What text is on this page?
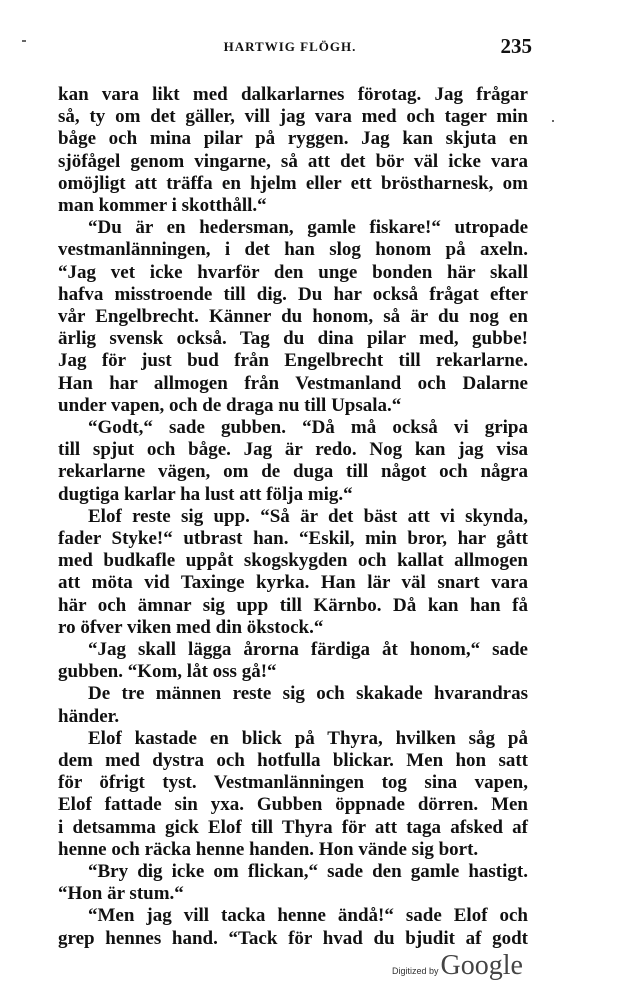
HARTWIG FLÖGH.	235
kan vara likt med dalkarlarnes förotag. Jag frågar
så, ty om det gäller, vill jag vara med och tager min
båge och mina pilar på ryggen. Jag kan skjuta en
sjöfågel genom vingarne, så att det bör väl icke vara
omöjligt att träffa en hjelm eller ett bröstharnesk, om
man kommer i skotthåll.“
“Du är en hedersman, gamle fiskare!“ utropade
vestmanlänningen, i det han slog honom på axeln.
“Jag vet icke hvarför den unge bonden här skall
hafva misstroende till dig. Du har också frågat efter
vår Engelbrecht. Känner du honom, så är du nog en
ärlig svensk också. Tag du dina pilar med, gubbe!
Jag för just bud från Engelbrecht till rekarlarne.
Han har allmogen från Vestmanland och Dalarne
under vapen, och de draga nu till Upsala.“
“Godt,“ sade gubben. “Då må också vi gripa
till spjut och båge. Jag är redo. Nog kan jag visa
rekarlarne vägen, om de duga till något och några
dugtiga karlar ha lust att följa mig.“
Elof reste sig upp. “Så är det bäst att vi skynda,
fader Styke!“ utbrast han. “Eskil, min bror, har gått
med budkafle uppåt skogskygden och kallat allmogen
att möta vid Taxinge kyrka. Han lär väl snart vara
här och ämnar sig upp till Kärnbo. Då kan han få
ro öfver viken med din ökstock.“
“Jag skall lägga årorna färdiga åt honom,“ sade
gubben. “Kom, låt oss gå!“
De tre männen reste sig och skakade hvarandras
händer.
Elof kastade en blick på Thyra, hvilken såg på
dem med dystra och hotfulla blickar. Men hon satt
för öfrigt tyst. Vestmanlänningen tog sina vapen,
Elof fattade sin yxa. Gubben öppnade dörren. Men
i detsamma gick Elof till Thyra för att taga afsked af
henne och räcka henne handen. Hon vände sig bort.
“Bry dig icke om flickan,“ sade den gamle hastigt.
“Hon är stum.“
“Men jag vill tacka henne ändå!“ sade Elof och
grep hennes hand. “Tack för hvad du bjudit af godt
Digitized by Google
